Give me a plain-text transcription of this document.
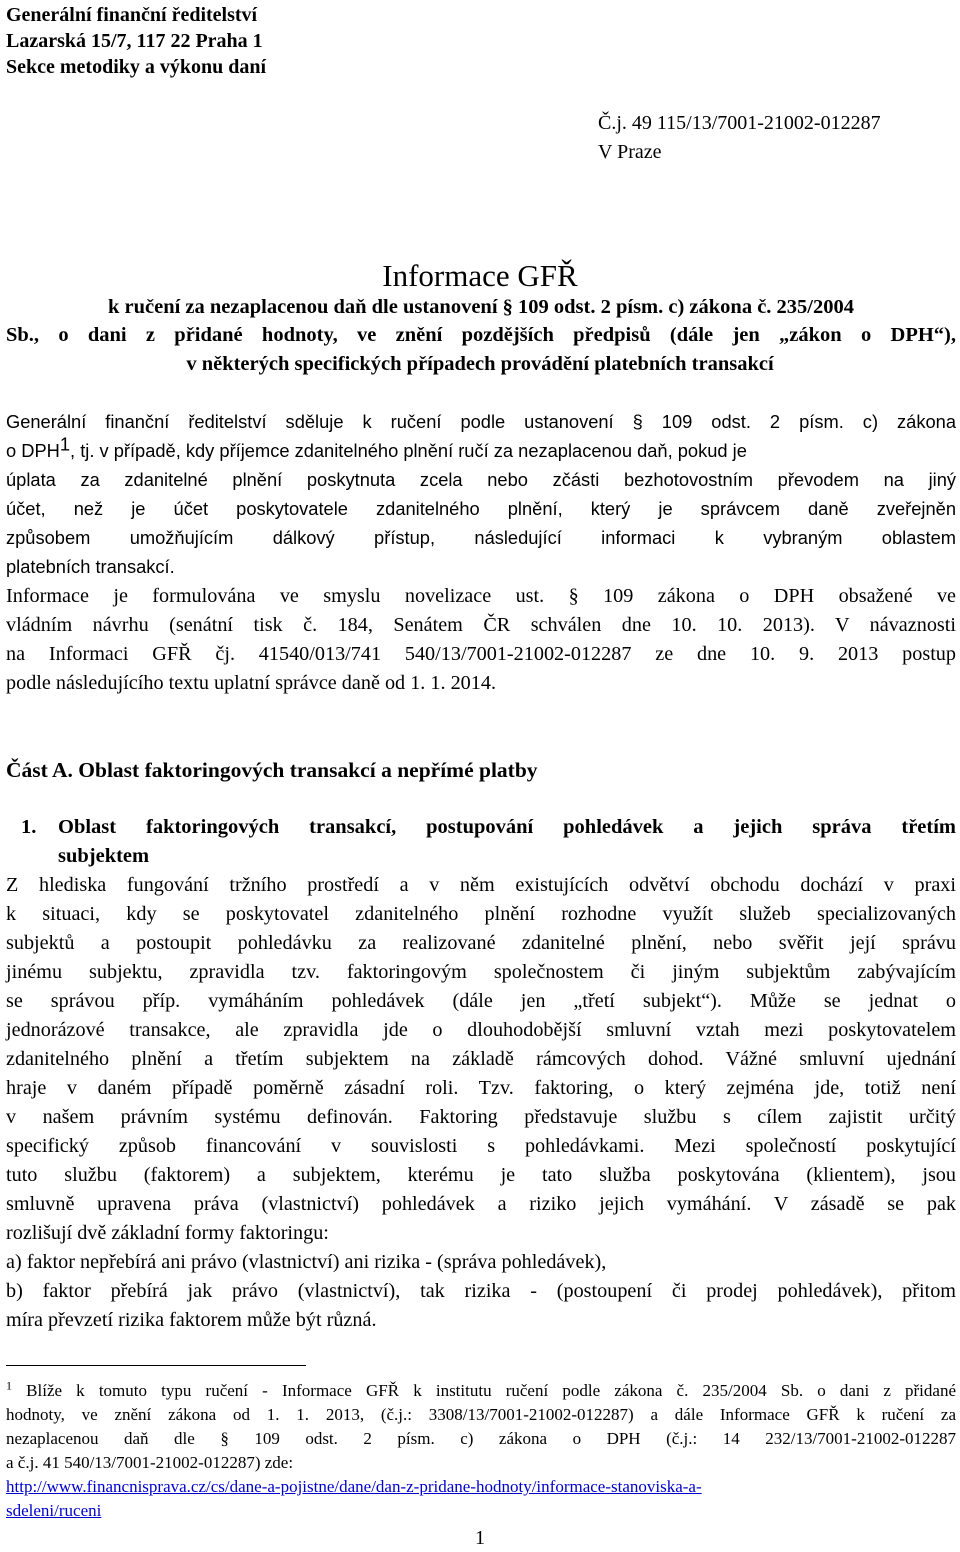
Generální finanční ředitelství
Lazarská 15/7, 117 22 Praha 1
Sekce metodiky a výkonu daní
Č.j. 49 115/13/7001-21002-012287
V Praze
Informace GFŘ
k ručení za nezaplacenou daň dle ustanovení § 109 odst. 2 písm. c) zákona č. 235/2004
Sb., o dani z přidané hodnoty, ve znění pozdějších předpisů (dále jen „zákon o DPH“),
v některých specifických případech provádění platebních transakcí
Generální finanční ředitelství sděluje k ručení podle ustanovení § 109 odst. 2 písm. c) zákona
o DPH$^1$, tj. v případě, kdy příjemce zdanitelného plnění ručí za nezaplacenou daň, pokud je
úplata za zdanitelné plnění poskytnuta zcela nebo zčásti bezhotovostním převodem na jiný
účet, než je účet poskytovatele zdanitelného plnění, který je správcem daně zveřejněn
způsobem umožňujícím dálkový přístup, následující informaci k vybraným oblastem
platebních transakcí.
Informace je formulována ve smyslu novelizace ust. § 109 zákona o DPH obsažené ve
vládním návrhu (senátní tisk č. 184, Senátem ČR schválen dne 10. 10. 2013). V návaznosti
na Informaci GFŘ čj. 41540/013/741 540/13/7001-21002-012287 ze dne 10. 9. 2013 postup
podle následujícího textu uplatní správce daně od 1. 1. 2014.
Část A. Oblast faktoringových transakcí a nepřímé platby
1. Oblast faktoringových transakcí, postupování pohledávek a jejich správa třetím
subjektem
Z hlediska fungování tržního prostředí a v něm existujících odvětví obchodu dochází v praxi
k situaci, kdy se poskytovatel zdanitelného plnění rozhodne využít služeb specializovaných
subjektů a postoupit pohledávku za realizované zdanitelné plnění, nebo svěřit její správu
jinému subjektu, zpravidla tzv. faktoringovým společnostem či jiným subjektům zabývajícím
se správou příp. vymáháním pohledávek (dále jen „třetí subjekt“). Může se jednat o
jednorázové transakce, ale zpravidla jde o dlouhodobější smluvní vztah mezi poskytovatelem
zdanitelného plnění a třetím subjektem na základě rámcových dohod. Vážné smluvní ujednání
hraje v daném případě poměrně zásadní roli. Tzv. faktoring, o který zejména jde, totiž není
v našem právním systému definován. Faktoring představuje službu s cílem zajistit určitý
specifický způsob financování v souvislosti s pohledávkami. Mezi společností poskytující
tuto službu (faktorem) a subjektem, kterému je tato služba poskytována (klientem), jsou
smluvně upravena práva (vlastnictví) pohledávek a riziko jejich vymáhání. V zásadě se pak
rozlišují dvě základní formy faktoringu:
a) faktor nepřebírá ani právo (vlastnictví) ani rizika - (správa pohledávek),
b) faktor přebírá jak právo (vlastnictví), tak rizika - (postoupení či prodej pohledávek), přitom
míra převzetí rizika faktorem může být různá.
$^1$ Blíže k tomuto typu ručení - Informace GFŘ k institutu ručení podle zákona č. 235/2004 Sb. o dani z přidané
hodnoty, ve znění zákona od 1. 1. 2013, (č.j.: 3308/13/7001-21002-012287) a dále Informace GFŘ k ručení za
nezaplacenou daň dle § 109 odst. 2 písm. c) zákona o DPH (č.j.: 14 232/13/7001-21002-012287
a č.j. 41 540/13/7001-21002-012287) zde:
http://www.financnisprava.cz/cs/dane-a-pojistne/dane/dan-z-pridane-hodnoty/informace-stanoviska-a-
sdeleni/ruceni
1
